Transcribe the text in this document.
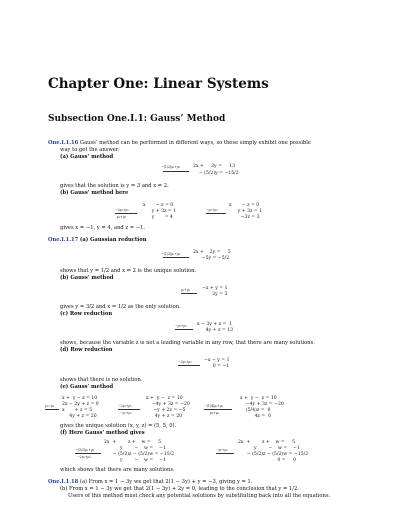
Chapter One: Linear Systems
Subsection One.I.1: Gauss’ Method
One.I.1.16 Gauss’ method can be performed in different ways, so these simply exhibit one possible
way to get the answer.
(a) Gauss’ method
−(1/2)ρ₁+ρ₂	2x +     3y =     13
− (5/2)y = −15/2
gives that the solution is y = 3 and x = 2.
(b) Gauss’ method here
−3ρ₁+ρ₂
ρ₁+ρ₃
x       − z = 0
y + 3z = 1
y       = 4
−ρ₂+ρ₃
x       − z = 0
y + 3z = 1
−3z = 3
gives x = −1, y = 4, and z = −1.
One.I.1.17 (a) Gaussian reduction
−(1/2)ρ₁+ρ₂	2x +    2y =     5
−5y = −5/2
shows that y = 1/2 and x = 2 is the unique solution.
(b) Gauss’ method
ρ₁+ρ₂	−x + y = 1
2y = 3
gives y = 3/2 and x = 1/2 as the only solution.
(c) Row reduction
−ρ₁+ρ₂ x − 3y + z =  1
4y + z = 13
shows, because the variable z is not a leading variable in any row, that there are many solutions.
(d) Row reduction
−3ρ₁+ρ₂	−x − y = 1
0 = −1
shows that there is no solution.
(e) Gauss’ method
ρ₁↔ρ₄
x +  y − z = 10
2x − 2y + z = 0
x       + z = 5
4y + z = 20
−2ρ₁+ρ₂
−ρ₁+ρ₃
x +  y −  z = 10
−4y + 3z = −20
−y + 2z = −5
4y + z = 20
−(1/4)ρ₂+ρ₃
ρ₂+ρ₄
x +  y −  z = 10
−4y + 3z = −20
(5/4)z =  0
4z =  0
gives the unique solution (x, y, z) = (5, 5, 0).
(f) Here Gauss’ method gives
−(3/2)ρ₁+ρ₃
−2ρ₁+ρ₄
2x  +        z +    w =     5
y        −    w =    −1
− (5/2)z − (5/2)w = −15/2
y        −    w =    −1
−ρ₂+ρ₄
2x  +        z +    w =     5
y        −    w =    −1
− (5/2)z − (5/2)w = −15/2
0 =     0
which shows that there are many solutions.
One.I.1.18 (a) From x = 1 − 3y we get that 2(1 − 3y) + y = −3, giving y = 1.
(b) From x = 1 − 3y we get that 2(1 − 3y) + 2y = 0, leading to the conclusion that y = 1/2.
Users of this method must check any potential solutions by substituting back into all the equations.
